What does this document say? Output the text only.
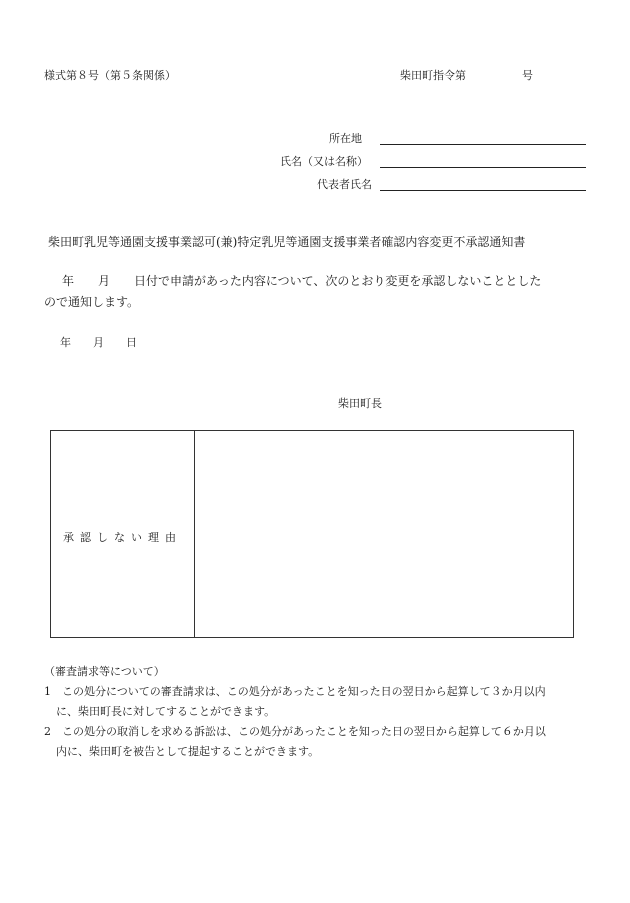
様式第８号（第５条関係）	柴田町指令第	号
所在地
氏名（又は名称）
代表者氏名
柴田町乳児等通園支援事業認可(兼)特定乳児等通園支援事業者確認内容変更不承認通知書
年　　月　　日付で申請があった内容について、次のとおり変更を承認しないこととした
ので通知します。
年　　月　　日
柴田町長
承認しない理由

（審査請求等について）

1　この処分についての審査請求は、この処分があったことを知った日の翌日から起算して３か月以内

に、柴田町長に対してすることができます。

2　この処分の取消しを求める訴訟は、この処分があったことを知った日の翌日から起算して６か月以

内に、柴田町を被告として提起することができます。
